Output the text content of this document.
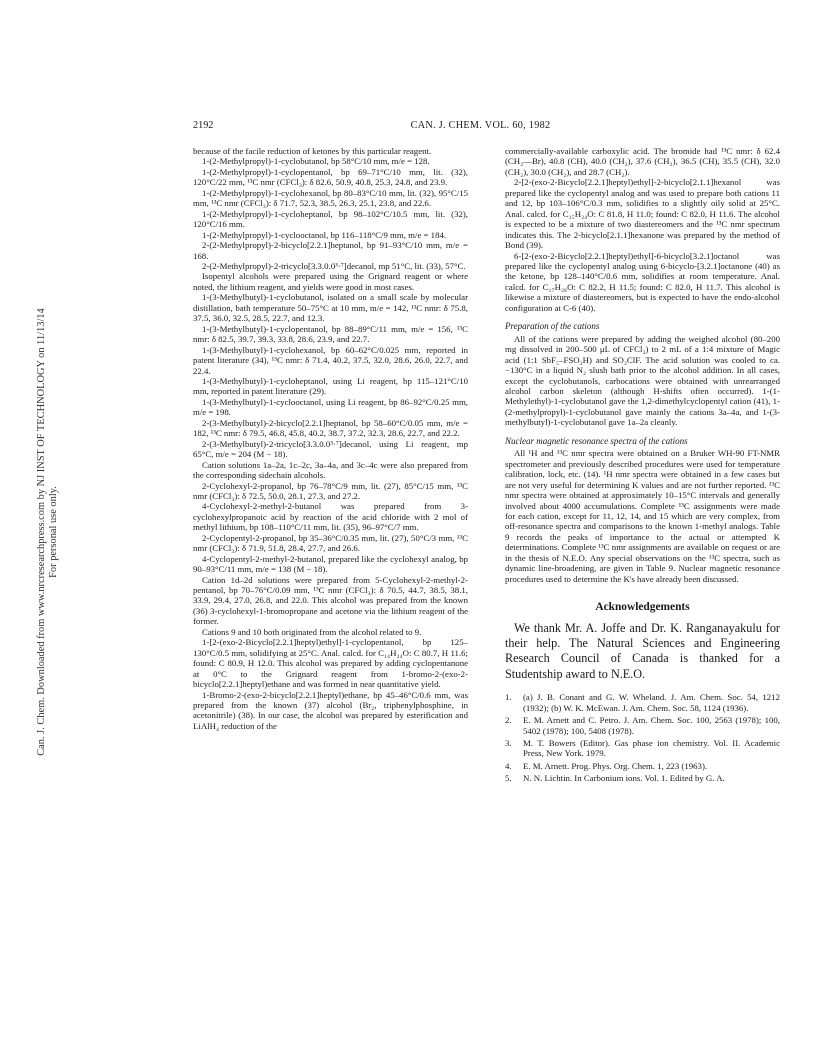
Can. J. Chem. Downloaded from www.nrcresearchpress.com by NJ INST OF TECHNOLOGY on 11/13/14 For personal use only.
2192	CAN. J. CHEM. VOL. 60, 1982

because of the facile reduction of ketones by this particular reagent.

1-(2-Methylpropyl)-1-cyclobutanol, bp 58°C/10 mm, m/e = 128.

1-(2-Methylpropyl)-1-cyclopentanol, bp 69–71°C/10 mm, lit. (32), 120°C/22 mm, ¹³C nmr (CFCl₃): δ 82.6, 50.9, 40.8, 25.3, 24.8, and 23.9.

1-(2-Methylpropyl)-1-cyclohexanol, bp 80–83°C/10 mm, lit. (32), 95°C/15 mm, ¹³C nmr (CFCl₃): δ 71.7, 52.3, 38.5, 26.3, 25.1, 23.8, and 22.6.

1-(2-Methylpropyl)-1-cycloheptanol, bp 98–102°C/10.5 mm, lit. (32), 120°C/16 mm.

1-(2-Methylpropyl)-1-cyclooctanol, bp 116–118°C/9 mm, m/e = 184.

2-(2-Methylpropyl)-2-bicyclo[2.2.1]heptanol, bp 91–93°C/10 mm, m/e = 168.

2-(2-Methylpropyl)-2-tricyclo[3.3.0.0³·⁷]decanol, mp 51°C, lit. (33), 57°C.

Isopentyl alcohols were prepared using the Grignard reagent or where noted, the lithium reagent, and yields were good in most cases.

1-(3-Methylbutyl)-1-cyclobutanol, isolated on a small scale by molecular distillation, bath temperature 50–75°C at 10 mm, m/e = 142, ¹³C nmr: δ 75.8, 37.5, 36.0, 32.5, 28.5, 22.7, and 12.3.

1-(3-Methylbutyl)-1-cyclopentanol, bp 88–89°C/11 mm, m/e = 156, ¹³C nmr: δ 82.5, 39.7, 39.3, 33.8, 28.6, 23.9, and 22.7.

1-(3-Methylbutyl)-1-cyclohexanol, bp 60–62°C/0.025 mm, reported in patent literature (34), ¹³C nmr: δ 71.4, 40.2, 37.5, 32.0, 28.6, 26.0, 22.7, and 22.4.

1-(3-Methylbutyl)-1-cycloheptanol, using Li reagent, bp 115–121°C/10 mm, reported in patent literature (29).

1-(3-Methylbutyl)-1-cyclooctanol, using Li reagent, bp 86–92°C/0.25 mm, m/e = 198.

2-(3-Methylbutyl)-2-bicyclo[2.2.1]heptanol, bp 58–60°C/0.05 mm, m/e = 182, ¹³C nmr: δ 79.5, 46.8, 45.8, 40.2, 38.7, 37.2, 32.3, 28.6, 22.7, and 22.2.

2-(3-Methylbutyl)-2-tricyclo[3.3.0.0³·⁷]decanol, using Li reagent, mp 65°C, m/e = 204 (M − 18).

Cation solutions 1a–2a, 1c–2c, 3a–4a, and 3c–4c were also prepared from the corresponding sidechain alcohols.

2-Cyclohexyl-2-propanol, bp 76–78°C/9 mm, lit. (27), 85°C/15 mm, ¹³C nmr (CFCl₃): δ 72.5, 50.0, 28.1, 27.3, and 27.2.

4-Cyclohexyl-2-methyl-2-butanol was prepared from 3-cyclohexylpropanoic acid by reaction of the acid chloride with 2 mol of methyl lithium, bp 108–110°C/11 mm, lit. (35), 96–97°C/7 mm.

2-Cyclopentyl-2-propanol, bp 35–36°C/0.35 mm, lit. (27), 50°C/3 mm, ¹³C nmr (CFCl₃): δ 71.9, 51.8, 28.4, 27.7, and 26.6.

4-Cyclopentyl-2-methyl-2-butanol, prepared like the cyclohexyl analog, bp 90–93°C/11 mm, m/e = 138 (M − 18).

Cation 1d–2d solutions were prepared from 5-Cyclohexyl-2-methyl-2-pentanol, bp 70–76°C/0.09 mm, ¹³C nmr (CFCl₃): δ 70.5, 44.7, 38.5, 38.1, 33.9, 29.4, 27.0, 26.8, and 22.0. This alcohol was prepared from the known (36) 3-cyclohexyl-1-bromopropane and acetone via the lithium reagent of the former.

Cations 9 and 10 both originated from the alcohol related to 9.

1-[2-(exo-2-Bicyclo[2.2.1]heptyl)ethyl]-1-cyclopentanol, bp 125–130°C/0.5 mm, solidifying at 25°C. Anal. calcd. for C₁₄H₂₄O: C 80.7, H 11.6; found: C 80.9, H 12.0. This alcohol was prepared by adding cyclopentanone at 0°C to the Grignard reagent from 1-bromo-2-(exo-2-bicyclo[2.2.1]heptyl)ethane and was formed in near quantitative yield.

1-Bromo-2-(exo-2-bicyclo[2.2.1]heptyl)ethane, bp 45–46°C/0.6 mm, was prepared from the known (37) alcohol (Br₂, triphenylphosphine, in acetonitrile) (38). In our case, the alcohol was prepared by esterification and LiAlH₄ reduction of the

commercially-available carboxylic acid. The bromide had ¹³C nmr: δ 62.4 (CH₂—Br), 40.8 (CH), 40.0 (CH₂), 37.6 (CH₂), 36.5 (CH), 35.5 (CH), 32.0 (CH₂), 30.0 (CH₂), and 28.7 (CH₂).

2-[2-(exo-2-Bicyclo[2.2.1]heptyl)ethyl]-2-bicyclo[2.1.1]hexanol was prepared like the cyclopentyl analog and was used to prepare both cations 11 and 12, bp 103–106°C/0.3 mm, solidifies to a slightly oily solid at 25°C. Anal. calcd. for C₁₅H₂₄O: C 81.8, H 11.0; found: C 82.0, H 11.6. The alcohol is expected to be a mixture of two diastereomers and the ¹³C nmr spectrum indicates this. The 2-bicyclo[2.1.1]hexanone was prepared by the method of Bond (39).

6-[2-(exo-2-Bicyclo[2.2.1]heptyl)ethyl]-6-bicyclo[3.2.1]octanol was prepared like the cyclopentyl analog using 6-bicyclo-[3.2.1]octanone (40) as the ketone, bp 128–140°C/0.6 mm, solidifies at room temperature. Anal. calcd. for C₁₇H₂₈O: C 82.2, H 11.5; found: C 82.0, H 11.7. This alcohol is likewise a mixture of diastereomers, but is expected to have the endo-alcohol configuration at C-6 (40).

Preparation of the cations

All of the cations were prepared by adding the weighed alcohol (80–200 mg dissolved in 200–500 μL of CFCl₃) to 2 mL of a 1:4 mixture of Magic acid (1:1 SbF₅–FSO₃H) and SO₂ClF. The acid solution was cooled to ca. −130°C in a liquid N₂ slush bath prior to the alcohol addition. In all cases, except the cyclobutanols, carbocations were obtained with unrearranged alcohol carbon skeleton (although H-shifts often occurred). 1-(1-Methylethyl)-1-cyclobutanol gave the 1,2-dimethylcyclopentyl cation (41), 1-(2-methylpropyl)-1-cyclobutanol gave mainly the cations 3a–4a, and 1-(3-methylbutyl)-1-cyclobutanol gave 1a–2a cleanly.

Nuclear magnetic resonance spectra of the cations

All ¹H and ¹³C nmr spectra were obtained on a Bruker WH-90 FT-NMR spectrometer and previously described procedures were used for temperature calibration, lock, etc. (14). ¹H nmr spectra were obtained in a few cases but are not very useful for determining K values and are not further reported. ¹³C nmr spectra were obtained at approximately 10–15°C intervals and generally involved about 4000 accumulations. Complete ¹³C assignments were made for each cation, except for 11, 12, 14, and 15 which are very complex, from off-resonance spectra and comparisons to the known 1-methyl analogs. Table 9 records the peaks of importance to the actual or attempted K determinations. Complete ¹³C nmr assignments are available on request or are in the thesis of N.E.O. Any special observations on the ¹³C spectra, such as dynamic line-broadening, are given in Table 9. Nuclear magnetic resonance procedures used to determine the K's have already been discussed.

Acknowledgements

We thank Mr. A. Joffe and Dr. K. Ranganayakulu for their help. The Natural Sciences and Engineering Research Council of Canada is thanked for a Studentship award to N.E.O.

1.	(a) J. B. Conant and G. W. Wheland. J. Am. Chem. Soc. 54, 1212 (1932); (b) W. K. McEwan. J. Am. Chem. Soc. 58, 1124 (1936).
2.	E. M. Arnett and C. Petro. J. Am. Chem. Soc. 100, 2563 (1978); 100, 5402 (1978); 100, 5408 (1978).
3.	M. T. Bowers (Editor). Gas phase ion chemistry. Vol. II. Academic Press, New York. 1979.
4.	E. M. Arnett. Prog. Phys. Org. Chem. 1, 223 (1963).
5.	N. N. Lichtin. In Carbonium ions. Vol. 1. Edited by G. A.
